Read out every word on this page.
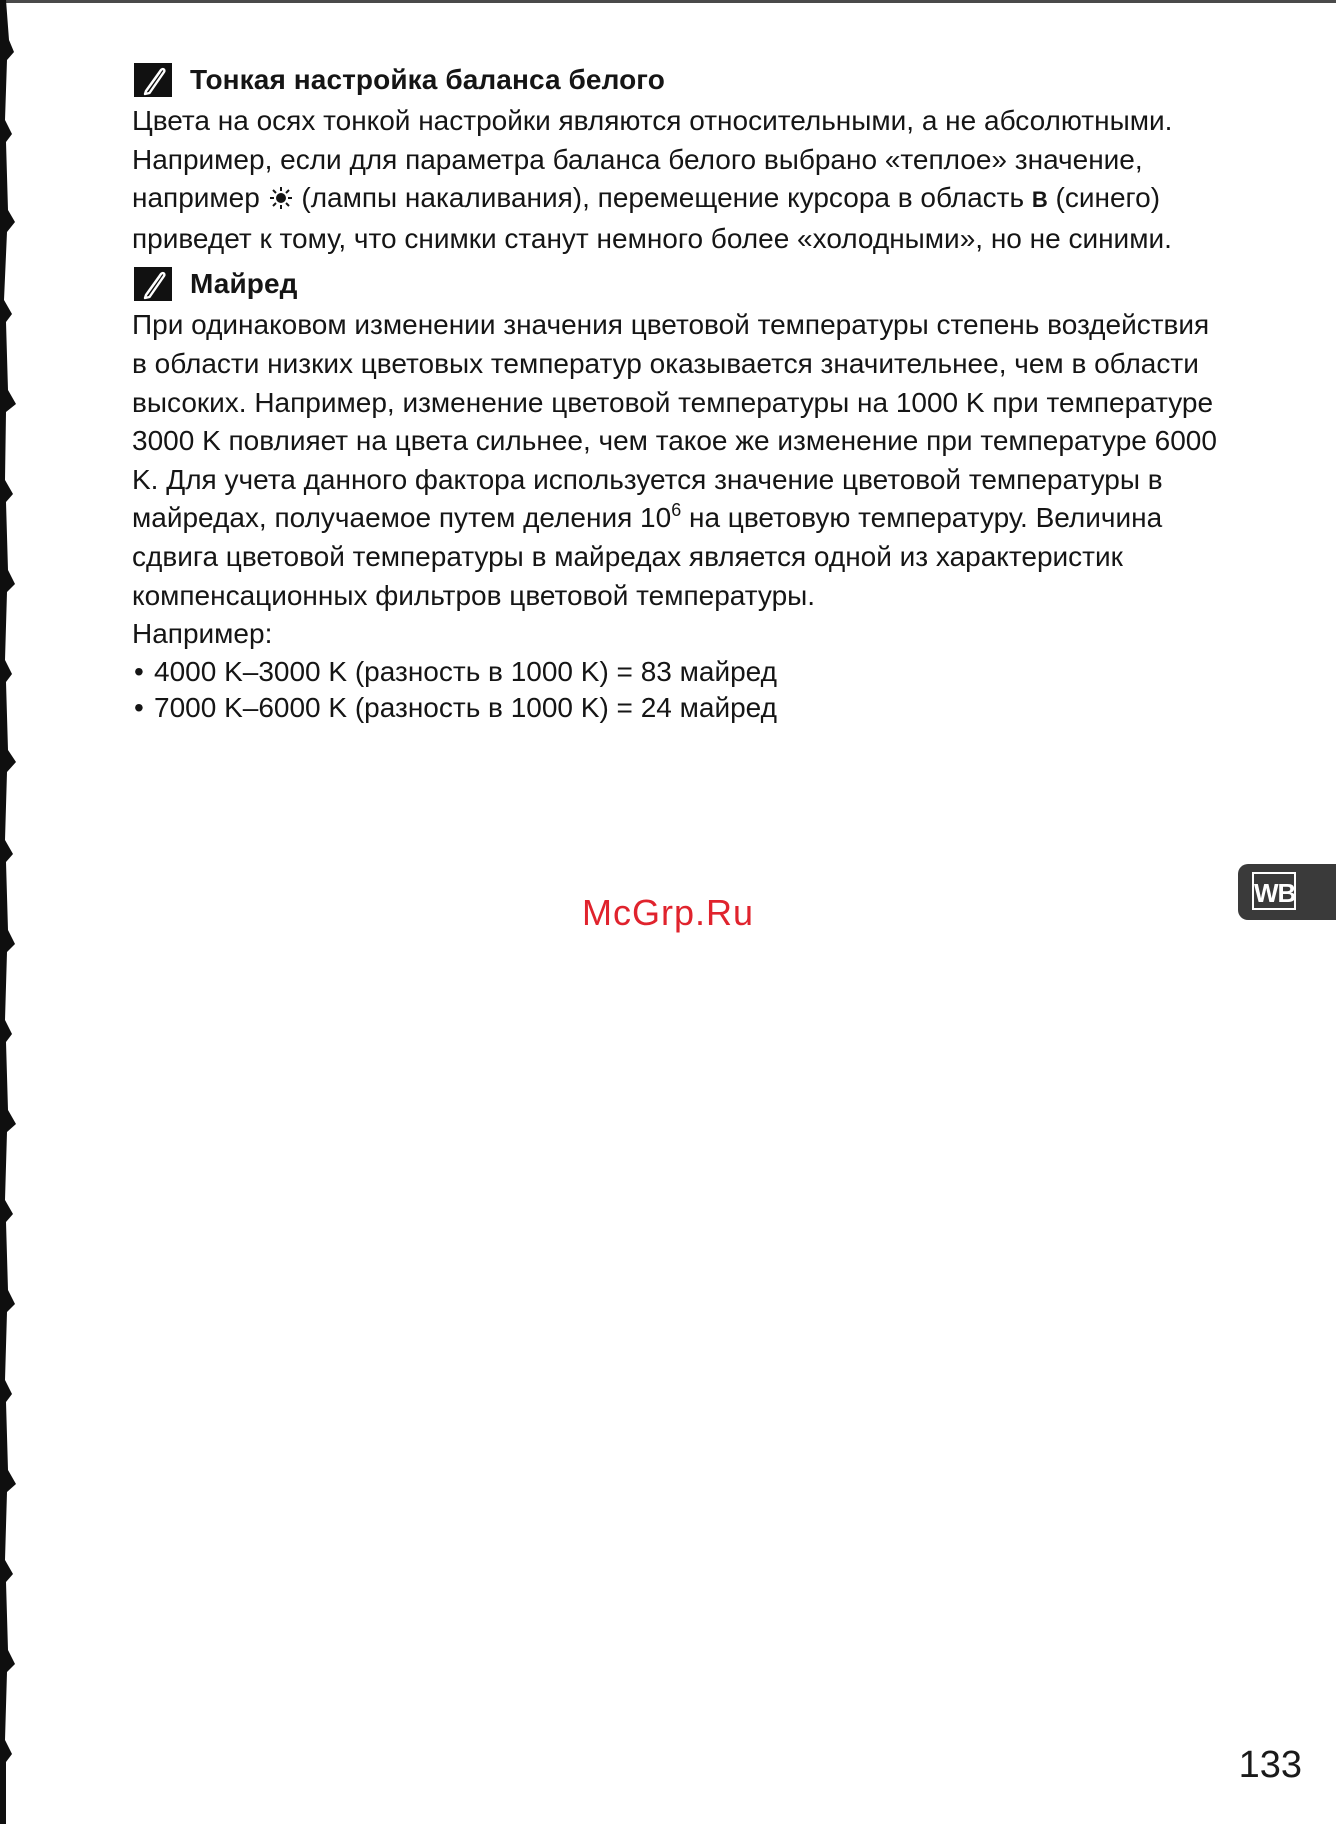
Тонкая настройка баланса белого

Цвета на осях тонкой настройки являются относительными, а не абсолютными. Например, если для параметра баланса белого выбрано «теплое» значение, например (лампы накаливания), перемещение курсора в область B (синего) приведет к тому, что снимки станут немного более «холодными», но не синими.

Майред

При одинаковом изменении значения цветовой температуры степень воздействия в области низких цветовых температур оказывается значительнее, чем в области высоких. Например, изменение цветовой температуры на 1000 K при температуре 3000 K повлияет на цвета сильнее, чем такое же изменение при температуре 6000 K. Для учета данного фактора используется значение цветовой температуры в майредах, получаемое путем деления $10^6$ на цветовую температуру. Величина сдвига цветовой температуры в майредах является одной из характеристик компенсационных фильтров цветовой температуры.
Например:

• 4000 K–3000 K (разность в 1000 K) = 83 майред
• 7000 K–6000 K (разность в 1000 K) = 24 майред
McGrp.Ru	WB
133
